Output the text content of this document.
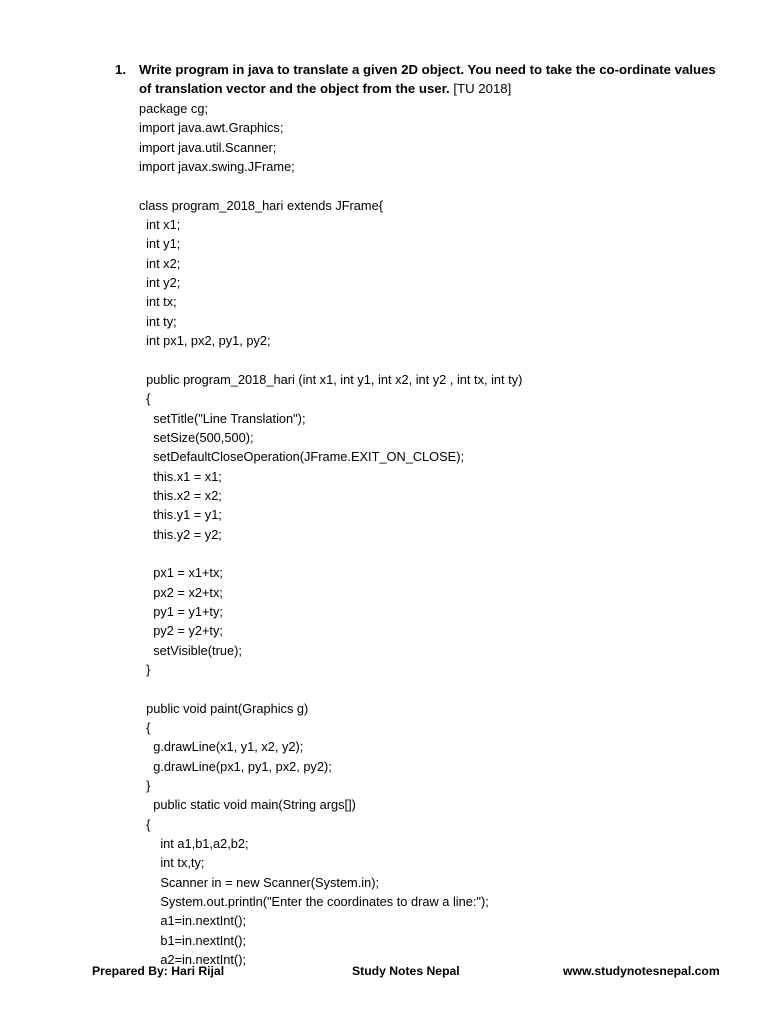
1. Write program in java to translate a given 2D object. You need to take the co-ordinate values of translation vector and the object from the user. [TU 2018]
package cg;
import java.awt.Graphics;
import java.util.Scanner;
import javax.swing.JFrame;
class program_2018_hari extends JFrame{
int x1;
int y1;
int x2;
int y2;
int tx;
int ty;
int px1, px2, py1, py2;
public program_2018_hari (int x1, int y1, int x2, int y2 , int tx, int ty)
{
setTitle("Line Translation");
setSize(500,500);
setDefaultCloseOperation(JFrame.EXIT_ON_CLOSE);
this.x1 = x1;
this.x2 = x2;
this.y1 = y1;
this.y2 = y2;
px1 = x1+tx;
px2 = x2+tx;
py1 = y1+ty;
py2 = y2+ty;
setVisible(true);
}
public void paint(Graphics g)
{
g.drawLine(x1, y1, x2, y2);
g.drawLine(px1, py1, px2, py2);
}
public static void main(String args[])
{
int a1,b1,a2,b2;
int tx,ty;
Scanner in = new Scanner(System.in);
System.out.println("Enter the coordinates to draw a line:");
a1=in.nextInt();
b1=in.nextInt();
a2=in.nextInt();
Prepared By: Hari Rijal	Study Notes Nepal	www.studynotesnepal.com
